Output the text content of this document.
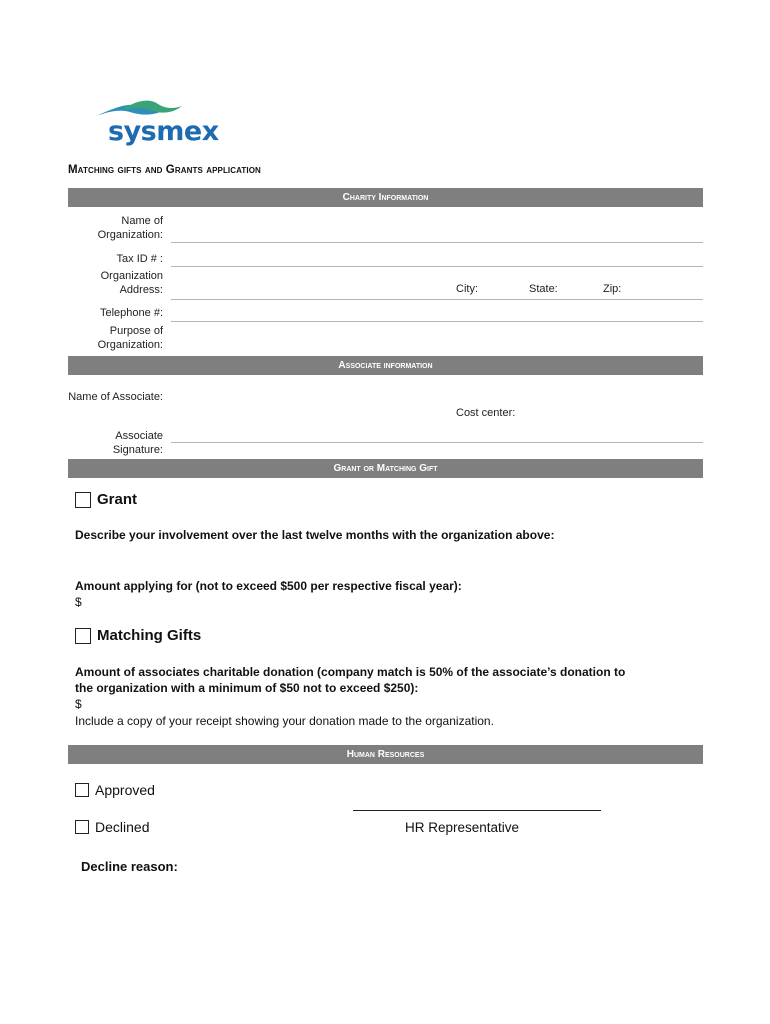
sysmex
Matching gifts and Grants application
Charity Information
Name of Organization:
Tax ID # :
Organization Address:	City:	State:	Zip:
Telephone #:
Purpose of Organization:
Associate information
Name of Associate:
Cost center:
Associate Signature:
Grant or Matching Gift
Grant
Describe your involvement over the last twelve months with the organization above:
Amount applying for (not to exceed $500 per respective fiscal year):
$
Matching Gifts
Amount of associates charitable donation (company match is 50% of the associate’s donation to
the organization with a minimum of $50 not to exceed $250):
$
Include a copy of your receipt showing your donation made to the organization.
Human Resources
Approved
Declined	HR Representative
Decline reason:
